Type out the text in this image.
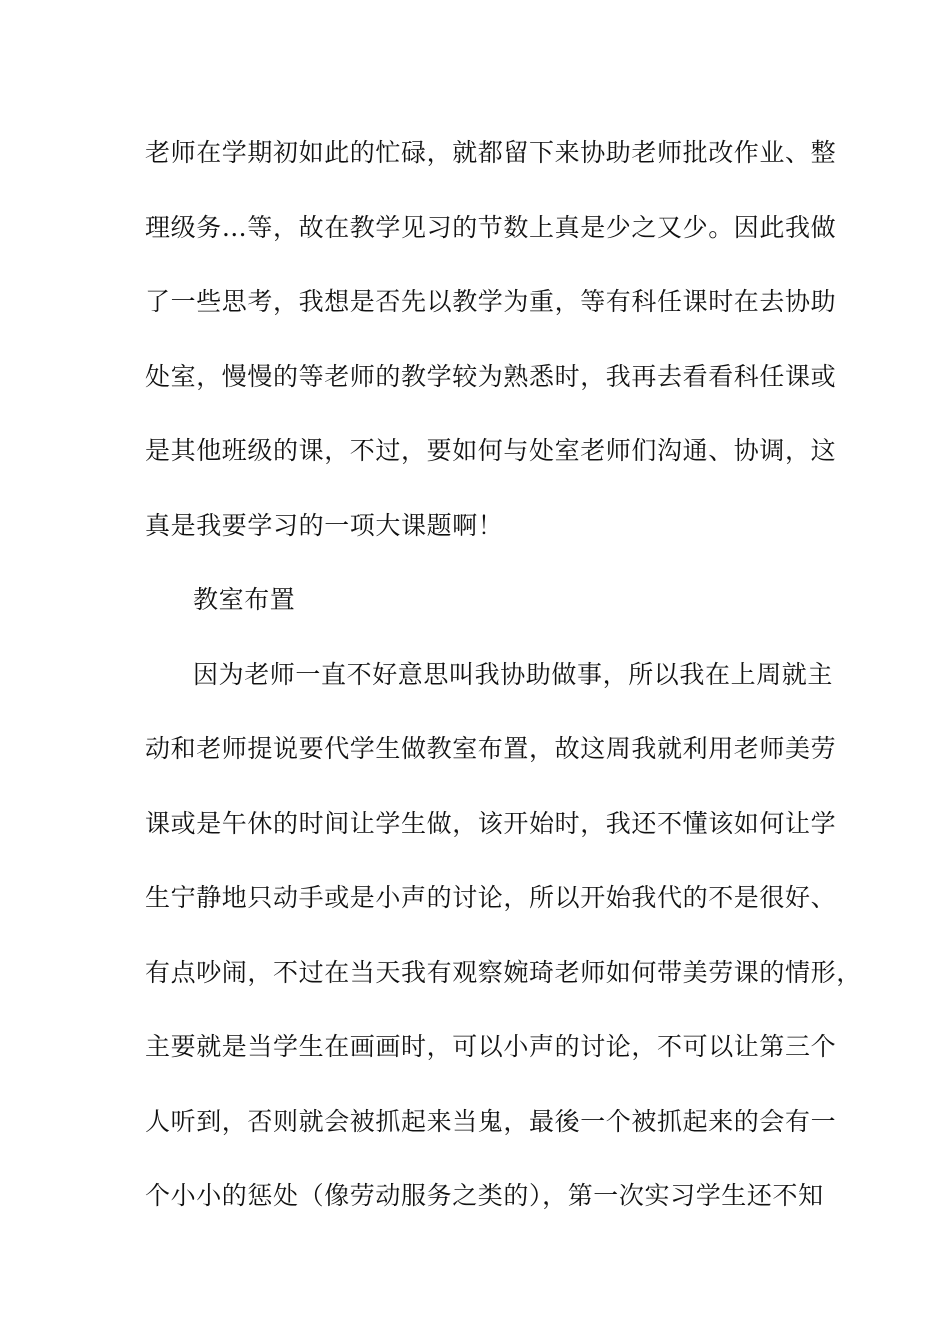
老师在学期初如此的忙碌，就都留下来协助老师批改作业、整
理级务…等，故在教学见习的节数上真是少之又少。因此我做
了一些思考，我想是否先以教学为重，等有科任课时在去协助
处室，慢慢的等老师的教学较为熟悉时，我再去看看科任课或
是其他班级的课，不过，要如何与处室老师们沟通、协调，这
真是我要学习的一项大课题啊！
教室布置
因为老师一直不好意思叫我协助做事，所以我在上周就主
动和老师提说要代学生做教室布置，故这周我就利用老师美劳
课或是午休的时间让学生做，该开始时，我还不懂该如何让学
生宁静地只动手或是小声的讨论，所以开始我代的不是很好、
有点吵闹，不过在当天我有观察婉琦老师如何带美劳课的情形，
主要就是当学生在画画时，可以小声的讨论，不可以让第三个
人听到，否则就会被抓起来当鬼，最後一个被抓起来的会有一
个小小的惩处（像劳动服务之类的），第一次实习学生还不知
